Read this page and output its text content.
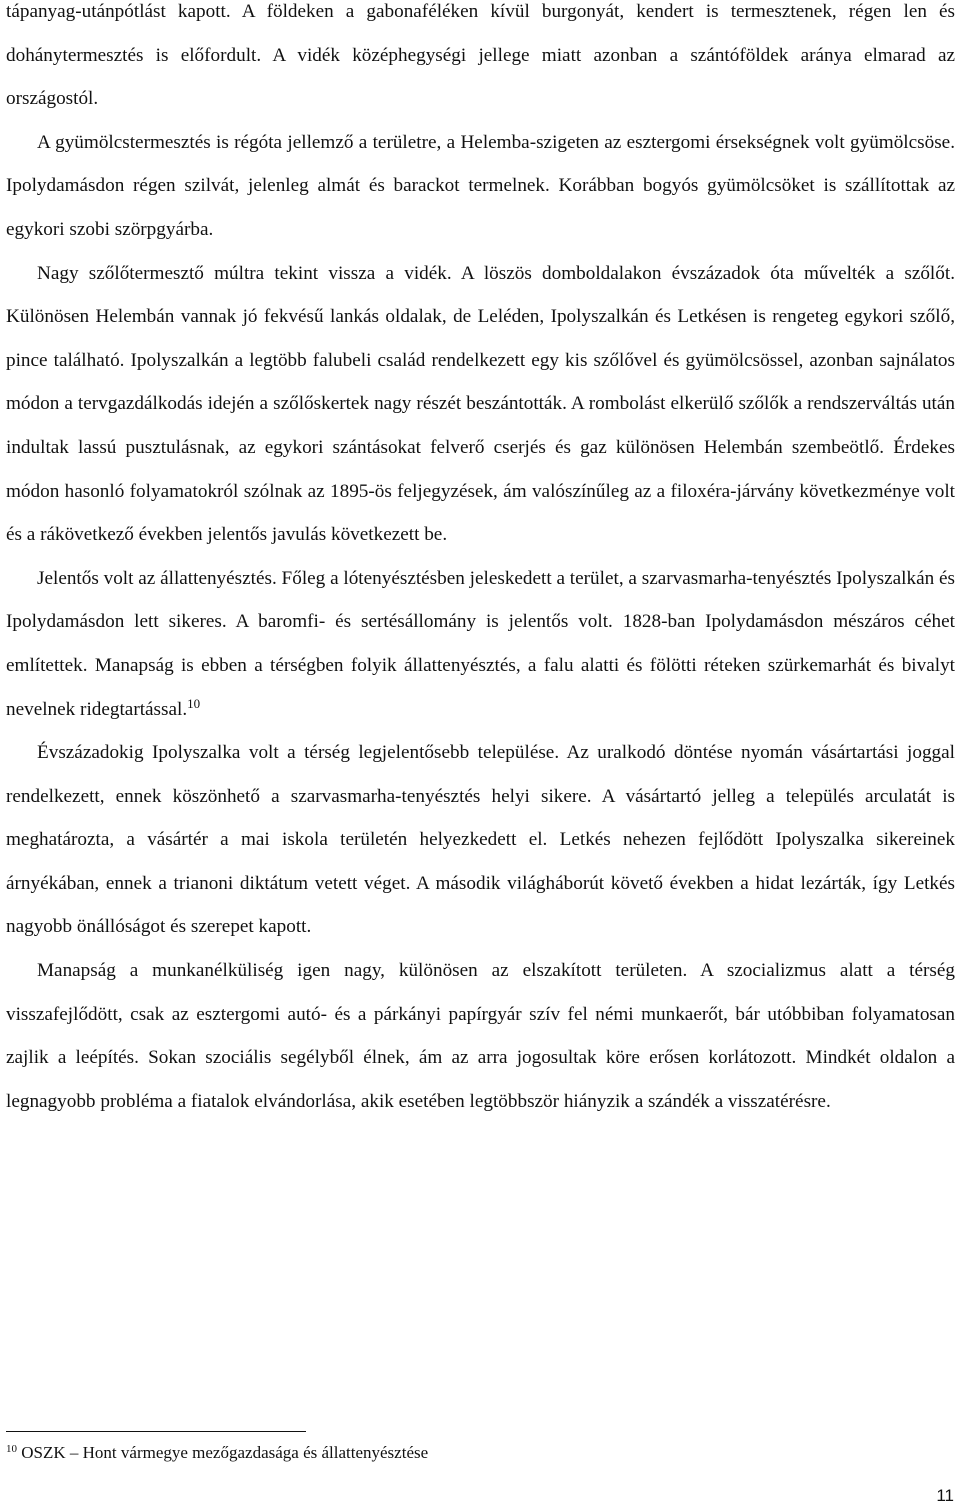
tápanyag-utánpótlást kapott. A földeken a gabonaféléken kívül burgonyát, kendert is termesztenek, régen len és dohánytermesztés is előfordult. A vidék középhegységi jellege miatt azonban a szántóföldek aránya elmarad az országostól.

A gyümölcstermesztés is régóta jellemző a területre, a Helemba-szigeten az esztergomi érsekségnek volt gyümölcsöse. Ipolydamásdon régen szilvát, jelenleg almát és barackot termelnek. Korábban bogyós gyümölcsöket is szállítottak az egykori szobi szörpgyárba.

Nagy szőlőtermesztő múltra tekint vissza a vidék. A löszös domboldalakon évszázadok óta művelték a szőlőt. Különösen Helembán vannak jó fekvésű lankás oldalak, de Leléden, Ipolyszalkán és Letkésen is rengeteg egykori szőlő, pince található. Ipolyszalkán a legtöbb falubeli család rendelkezett egy kis szőlővel és gyümölcsössel, azonban sajnálatos módon a tervgazdálkodás idején a szőlőskertek nagy részét beszántották. A rombolást elkerülő szőlők a rendszerváltás után indultak lassú pusztulásnak, az egykori szántásokat felverő cserjés és gaz különösen Helembán szembeötlő. Érdekes módon hasonló folyamatokról szólnak az 1895-ös feljegyzések, ám valószínűleg az a filoxéra-járvány következménye volt és a rákövetkező években jelentős javulás következett be.

Jelentős volt az állattenyésztés. Főleg a lótenyésztésben jeleskedett a terület, a szarvasmarha-tenyésztés Ipolyszalkán és Ipolydamásdon lett sikeres. A baromfi- és sertésállomány is jelentős volt. 1828-ban Ipolydamásdon mészáros céhet említettek. Manapság is ebben a térségben folyik állattenyésztés, a falu alatti és fölötti réteken szürkemarhát és bivalyt nevelnek ridegtartással.$^{10}$

Évszázadokig Ipolyszalka volt a térség legjelentősebb települése. Az uralkodó döntése nyomán vásártartási joggal rendelkezett, ennek köszönhető a szarvasmarha-tenyésztés helyi sikere. A vásártartó jelleg a település arculatát is meghatározta, a vásártér a mai iskola területén helyezkedett el. Letkés nehezen fejlődött Ipolyszalka sikereinek árnyékában, ennek a trianoni diktátum vetett véget. A második világháborút követő években a hidat lezárták, így Letkés nagyobb önállóságot és szerepet kapott.

Manapság a munkanélküliség igen nagy, különösen az elszakított területen. A szocializmus alatt a térség visszafejlődött, csak az esztergomi autó- és a párkányi papírgyár szív fel némi munkaerőt, bár utóbbiban folyamatosan zajlik a leépítés. Sokan szociális segélyből élnek, ám az arra jogosultak köre erősen korlátozott. Mindkét oldalon a legnagyobb probléma a fiatalok elvándorlása, akik esetében legtöbbször hiányzik a szándék a visszatérésre.

$^{10}$ OSZK – Hont vármegye mezőgazdasága és állattenyésztése
11
